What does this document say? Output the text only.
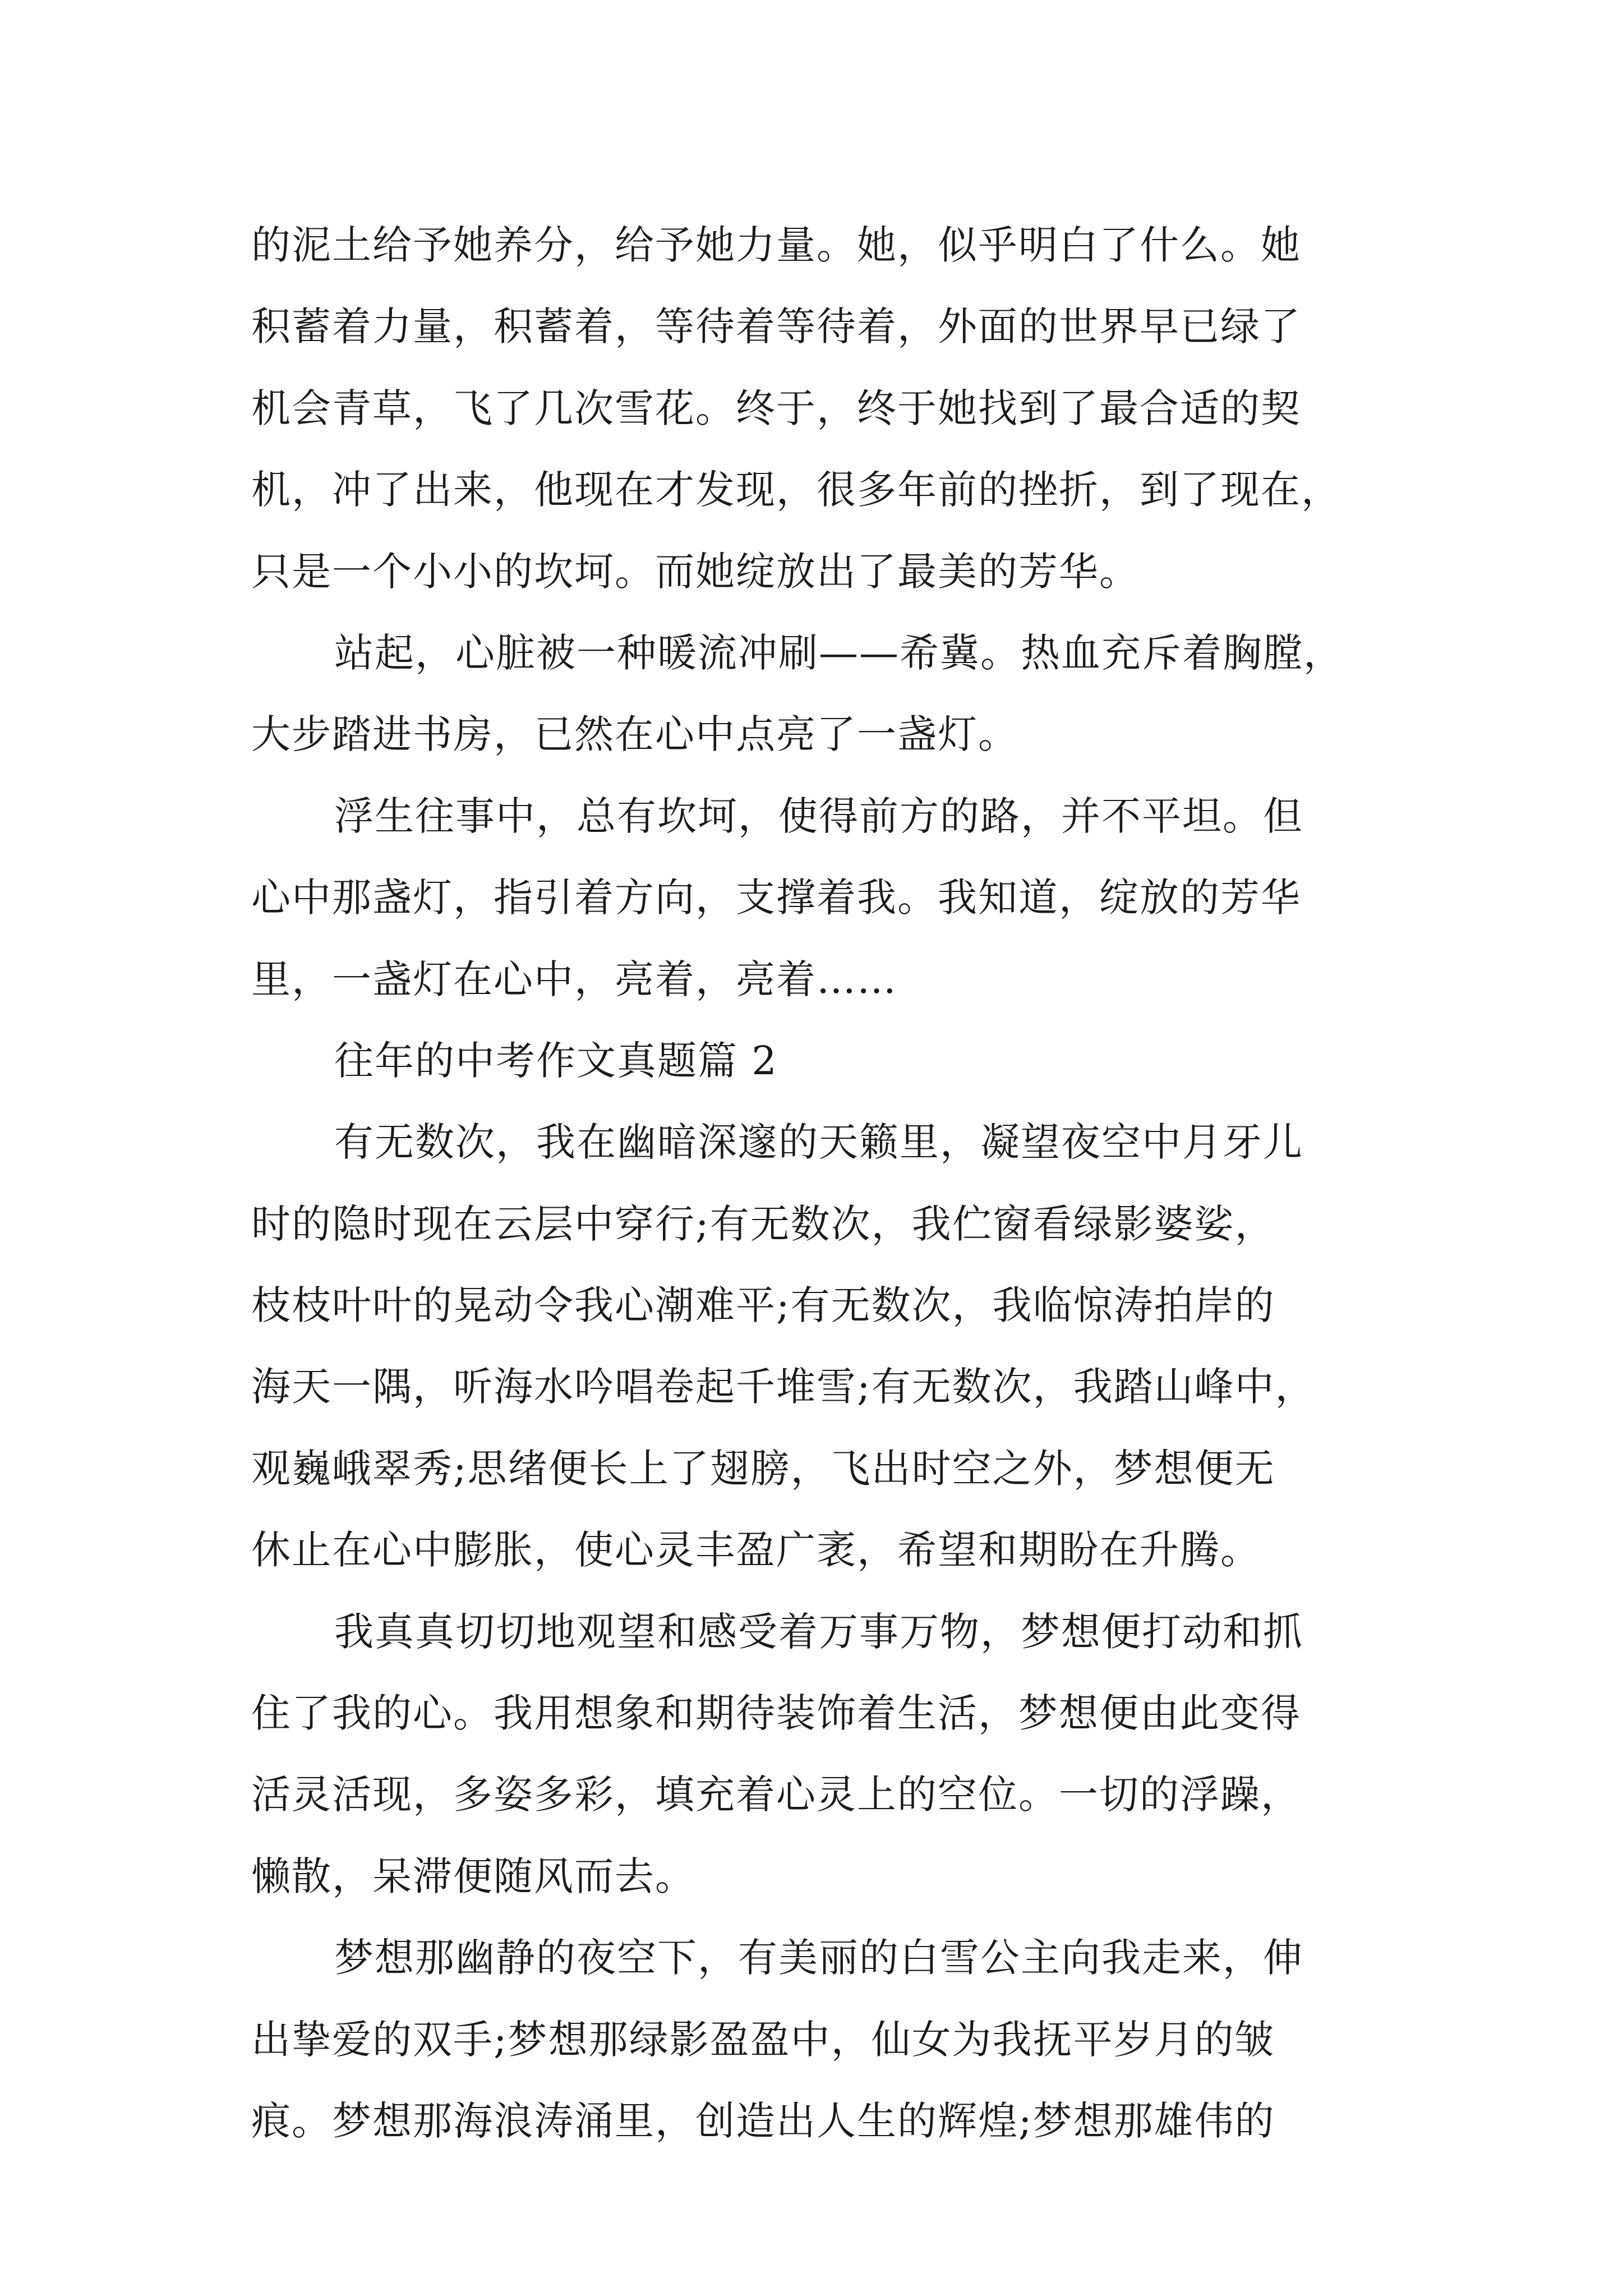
的泥土给予她养分，给予她力量。她，似乎明白了什么。她
积蓄着力量，积蓄着，等待着等待着，外面的世界早已绿了
机会青草，飞了几次雪花。终于，终于她找到了最合适的契
机，冲了出来，他现在才发现，很多年前的挫折，到了现在，
只是一个小小的坎坷。而她绽放出了最美的芳华。
站起，心脏被一种暖流冲刷——希冀。热血充斥着胸膛，
大步踏进书房，已然在心中点亮了一盏灯。
浮生往事中，总有坎坷，使得前方的路，并不平坦。但
心中那盏灯，指引着方向，支撑着我。我知道，绽放的芳华
里，一盏灯在心中，亮着，亮着……
往年的中考作文真题篇 2
有无数次，我在幽暗深邃的天籁里，凝望夜空中月牙儿
时的隐时现在云层中穿行;有无数次，我伫窗看绿影婆娑，
枝枝叶叶的晃动令我心潮难平;有无数次，我临惊涛拍岸的
海天一隅，听海水吟唱卷起千堆雪;有无数次，我踏山峰中，
观巍峨翠秀;思绪便长上了翅膀，飞出时空之外，梦想便无
休止在心中膨胀，使心灵丰盈广袤，希望和期盼在升腾。
我真真切切地观望和感受着万事万物，梦想便打动和抓
住了我的心。我用想象和期待装饰着生活，梦想便由此变得
活灵活现，多姿多彩，填充着心灵上的空位。一切的浮躁，
懒散，呆滞便随风而去。
梦想那幽静的夜空下，有美丽的白雪公主向我走来，伸
出挚爱的双手;梦想那绿影盈盈中，仙女为我抚平岁月的皱
痕。梦想那海浪涛涌里，创造出人生的辉煌;梦想那雄伟的
